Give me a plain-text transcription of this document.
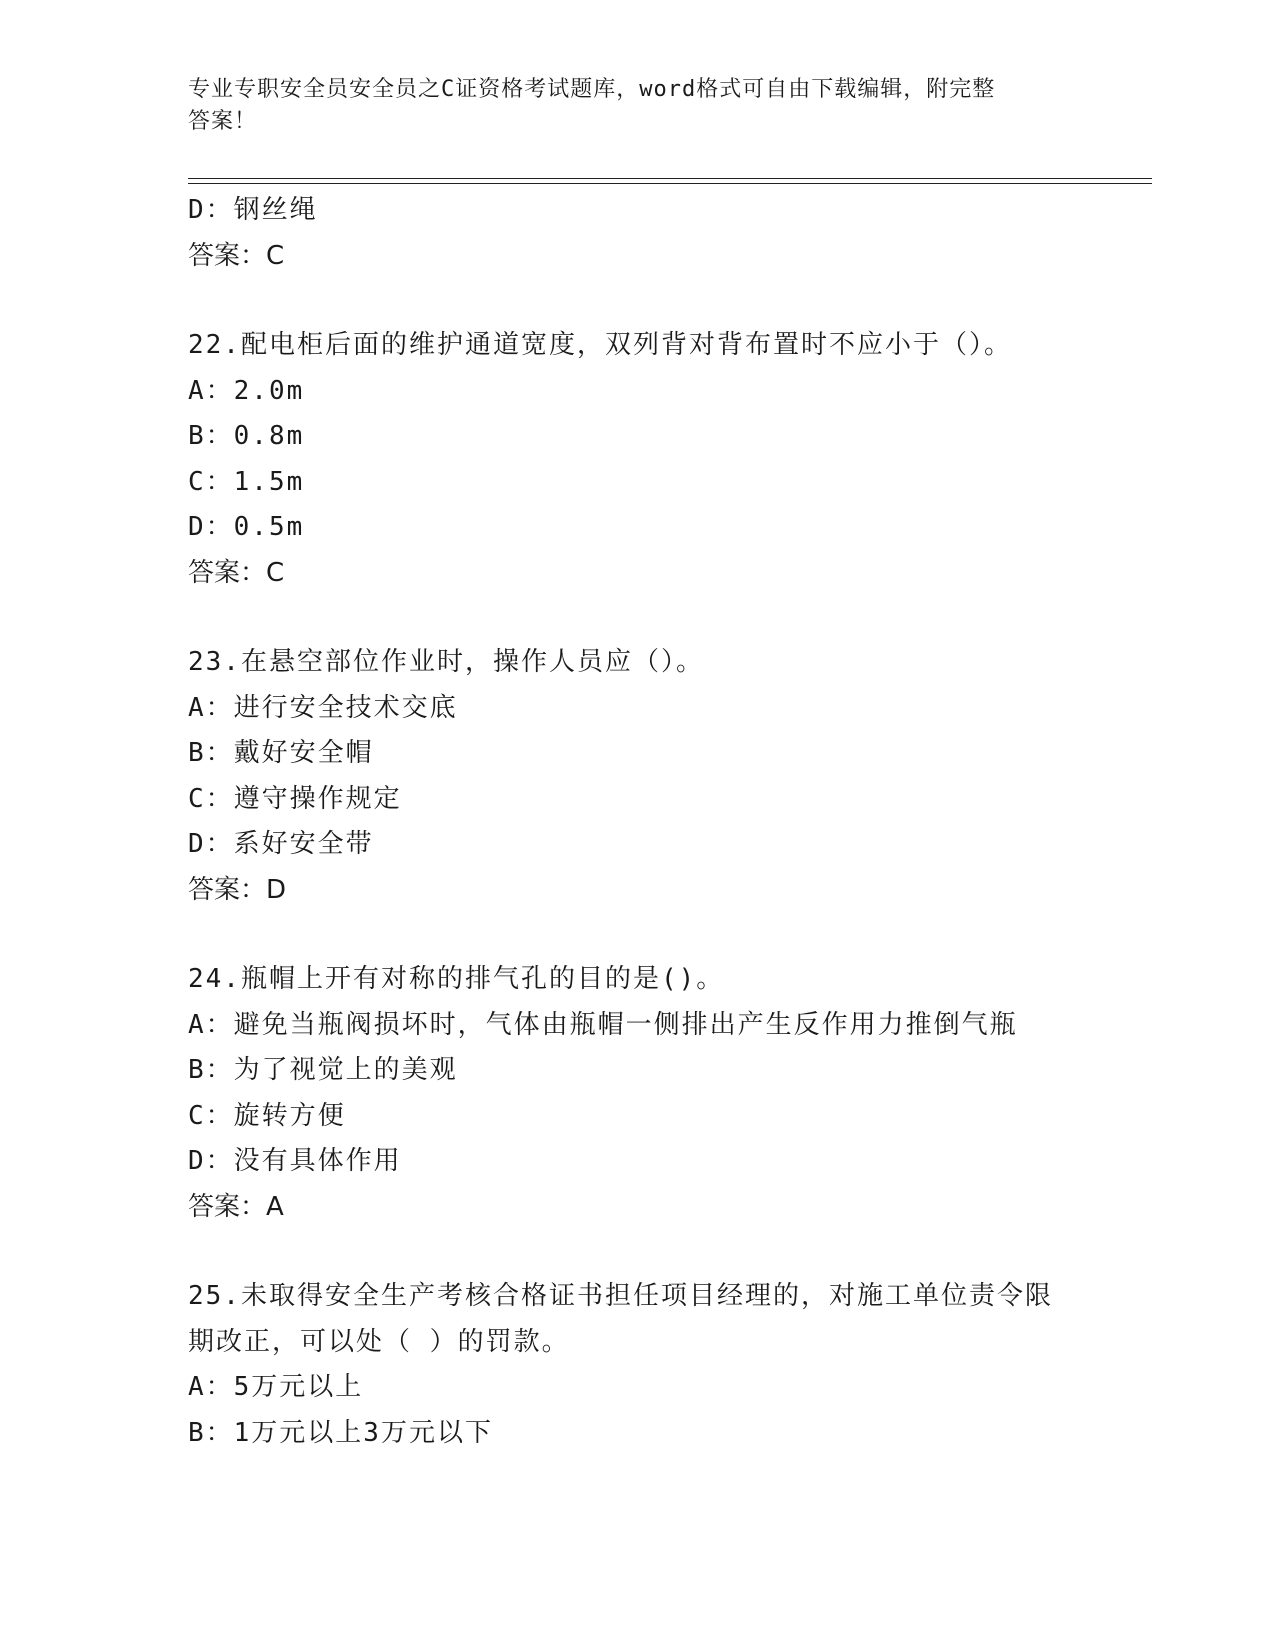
专业专职安全员安全员之C证资格考试题库，word格式可自由下载编辑，附完整
答案！
D：钢丝绳
答案：C
22.配电柜后面的维护通道宽度，双列背对背布置时不应小于（）。
A：2.0m
B：0.8m
C：1.5m
D：0.5m
答案：C
23.在悬空部位作业时，操作人员应（）。
A：进行安全技术交底
B：戴好安全帽
C：遵守操作规定
D：系好安全带
答案：D
24.瓶帽上开有对称的排气孔的目的是()。
A：避免当瓶阀损坏时，气体由瓶帽一侧排出产生反作用力推倒气瓶
B：为了视觉上的美观
C：旋转方便
D：没有具体作用
答案：A
25.未取得安全生产考核合格证书担任项目经理的，对施工单位责令限
期改正，可以处（ ）的罚款。
A：5万元以上
B：1万元以上3万元以下
